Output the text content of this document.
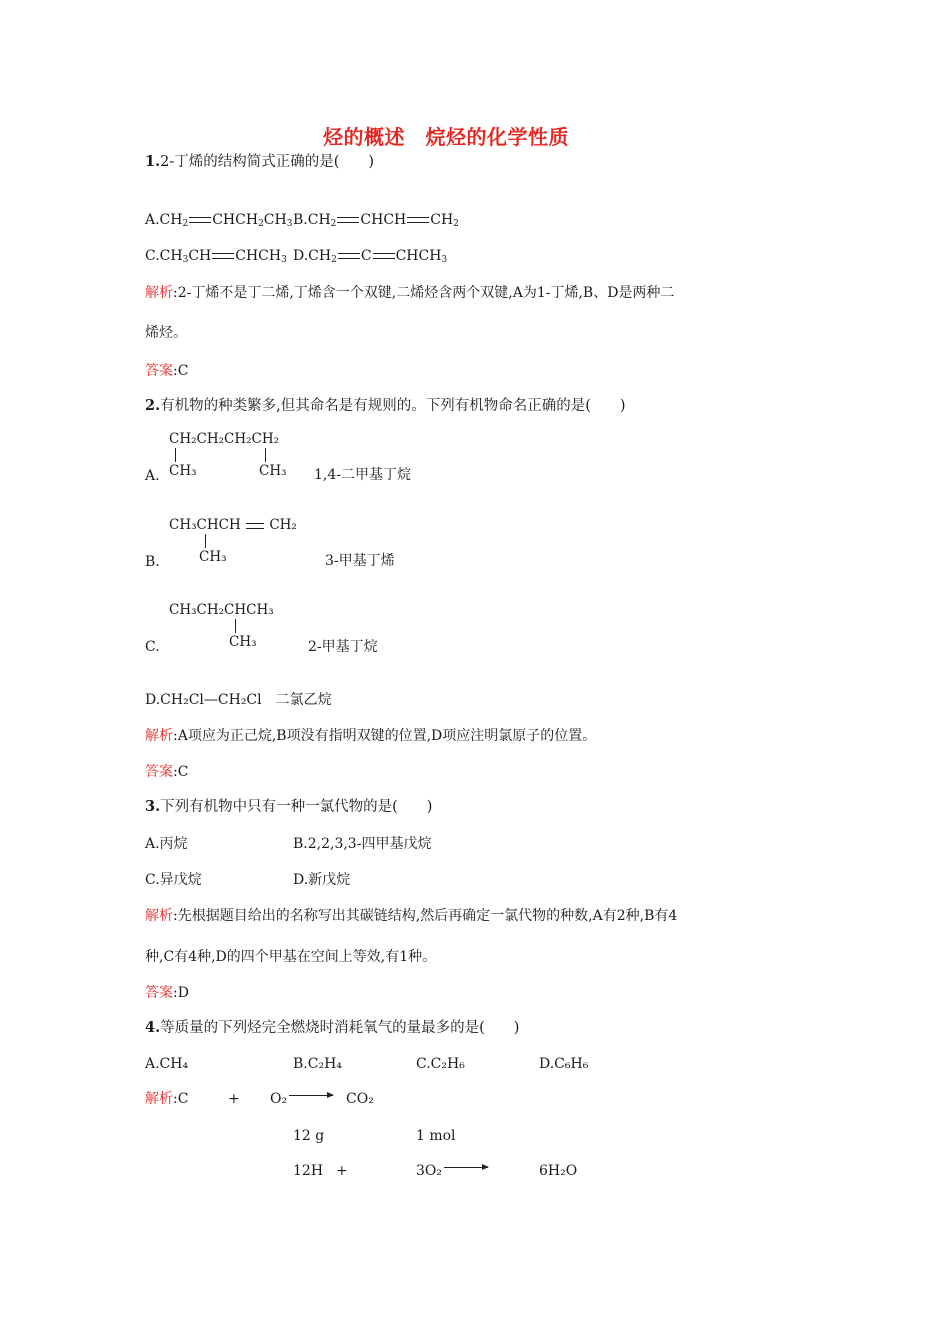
烃的概述　烷烃的化学性质
1.2-丁烯的结构简式正确的是(　　)
$A.CH_2$ $CHCH_2CH_3$ $B.CH_2$ CHCH $CH_2$
$C.CH_3CH$ $CHCH_3$ $D.CH_2$ C $CHCH_3$
解析:2-丁烯不是丁二烯,丁烯含一个双键,二烯烃含两个双键,A为1-丁烯,B、D是两种二
烯烃。
答案:C
2.有机物的种类繁多,但其命名是有规则的。下列有机物命名正确的是(　　)
CH₂CH₂CH₂CH₂
CH₃	CH₃
A.	1,4-二甲基丁烷
CH₃CHCH CH₂
CH₃
B.	3-甲基丁烯
CH₃CH₂CHCH₃
CH₃
C.	2-甲基丁烷
D.CH₂Cl—CH₂Cl　二氯乙烷
解析:A项应为正己烷,B项没有指明双键的位置,D项应注明氯原子的位置。
答案:C
3.下列有机物中只有一种一氯代物的是(　　)
A.丙烷	B.2,2,3,3-四甲基戊烷
C.异戊烷	D.新戊烷
解析:先根据题目给出的名称写出其碳链结构,然后再确定一氯代物的种数,A有2种,B有4
种,C有4种,D的四个甲基在空间上等效,有1种。
答案:D
4.等质量的下列烃完全燃烧时消耗氧气的量最多的是(　　)
A.CH₄	B.C₂H₄	C.C₂H₆	D.C₆H₆
解析:C	+ O₂ → CO₂
12 g	1 mol
12H +	3O₂ →	6H₂O
